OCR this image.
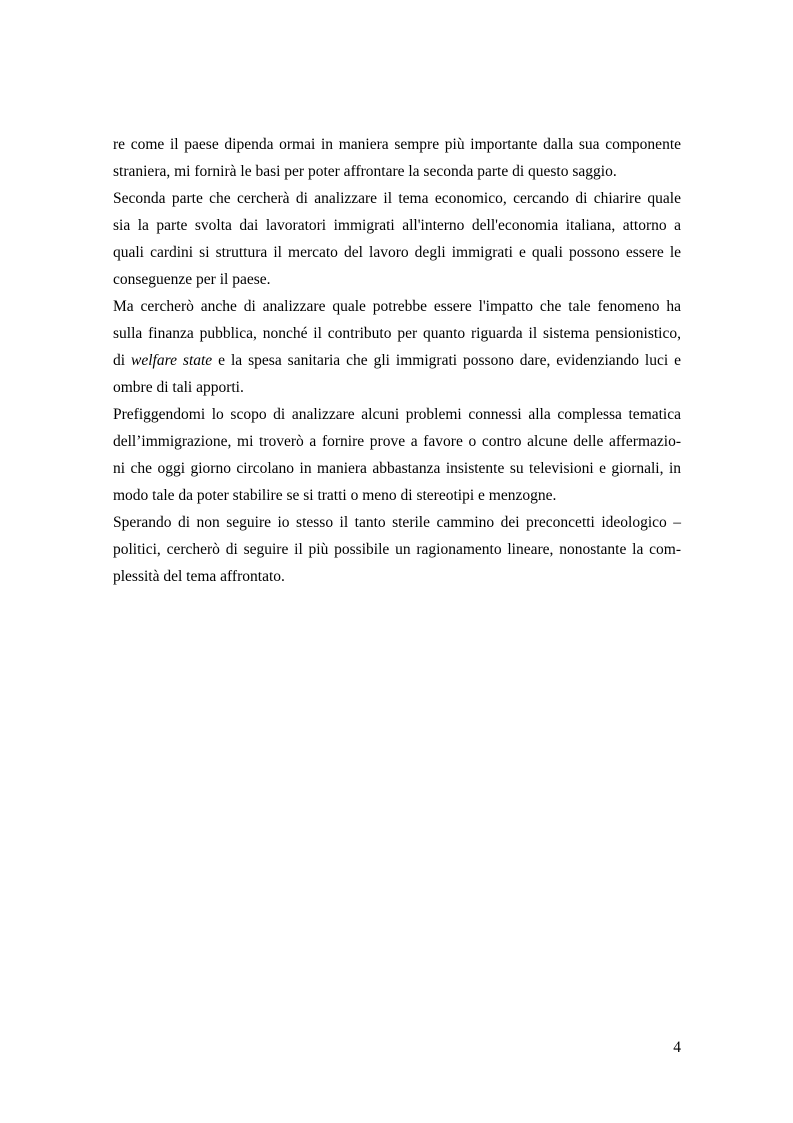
re come il paese dipenda ormai in maniera sempre più importante dalla sua componente
straniera, mi fornirà le basi per poter affrontare la seconda parte di questo saggio.
Seconda parte che cercherà di analizzare il tema economico, cercando di chiarire quale
sia la parte svolta dai lavoratori immigrati all'interno dell'economia italiana, attorno a
quali cardini si struttura il mercato del lavoro degli immigrati e quali possono essere le
conseguenze per il paese.
Ma cercherò anche di analizzare quale potrebbe essere l'impatto che tale fenomeno ha
sulla finanza pubblica, nonché il contributo per quanto riguarda il sistema pensionistico,
di welfare state e la spesa sanitaria che gli immigrati possono dare, evidenziando luci e
ombre di tali apporti.
Prefiggendomi lo scopo di analizzare alcuni problemi connessi alla complessa tematica
dell’immigrazione, mi troverò a fornire prove a favore o contro alcune delle affermazio-
ni che oggi giorno circolano in maniera abbastanza insistente su televisioni e giornali, in
modo tale da poter stabilire se si tratti o meno di stereotipi e menzogne.
Sperando di non seguire io stesso il tanto sterile cammino dei preconcetti ideologico –
politici, cercherò di seguire il più possibile un ragionamento lineare, nonostante la com-
plessità del tema affrontato.
4
